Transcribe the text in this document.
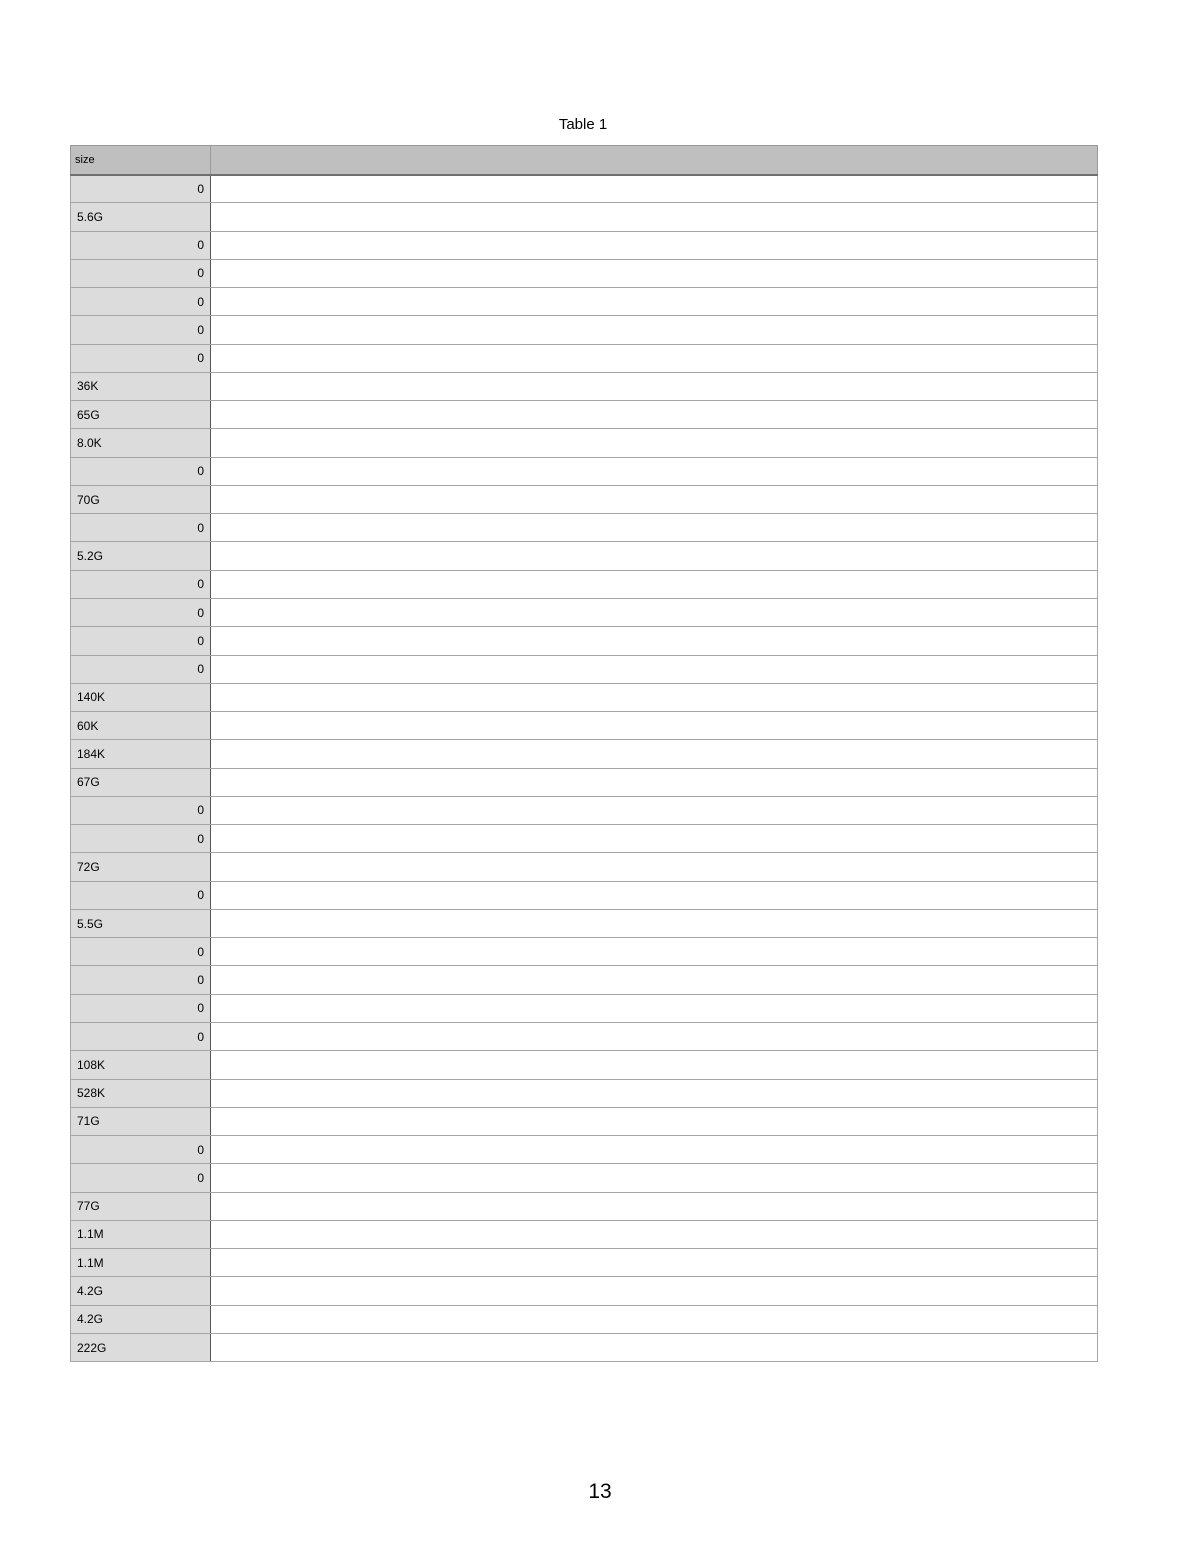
Table 1
size	
0	
5.6G	
0	
0	
0	
0	
0	
36K	
65G	
8.0K	
0	
70G	
0	
5.2G	
0	
0	
0	
0	
140K	
60K	
184K	
67G	
0	
0	
72G	
0	
5.5G	
0	
0	
0	
0	
108K	
528K	
71G	
0	
0	
77G	
1.1M	
1.1M	
4.2G	
4.2G	
222G	
13
